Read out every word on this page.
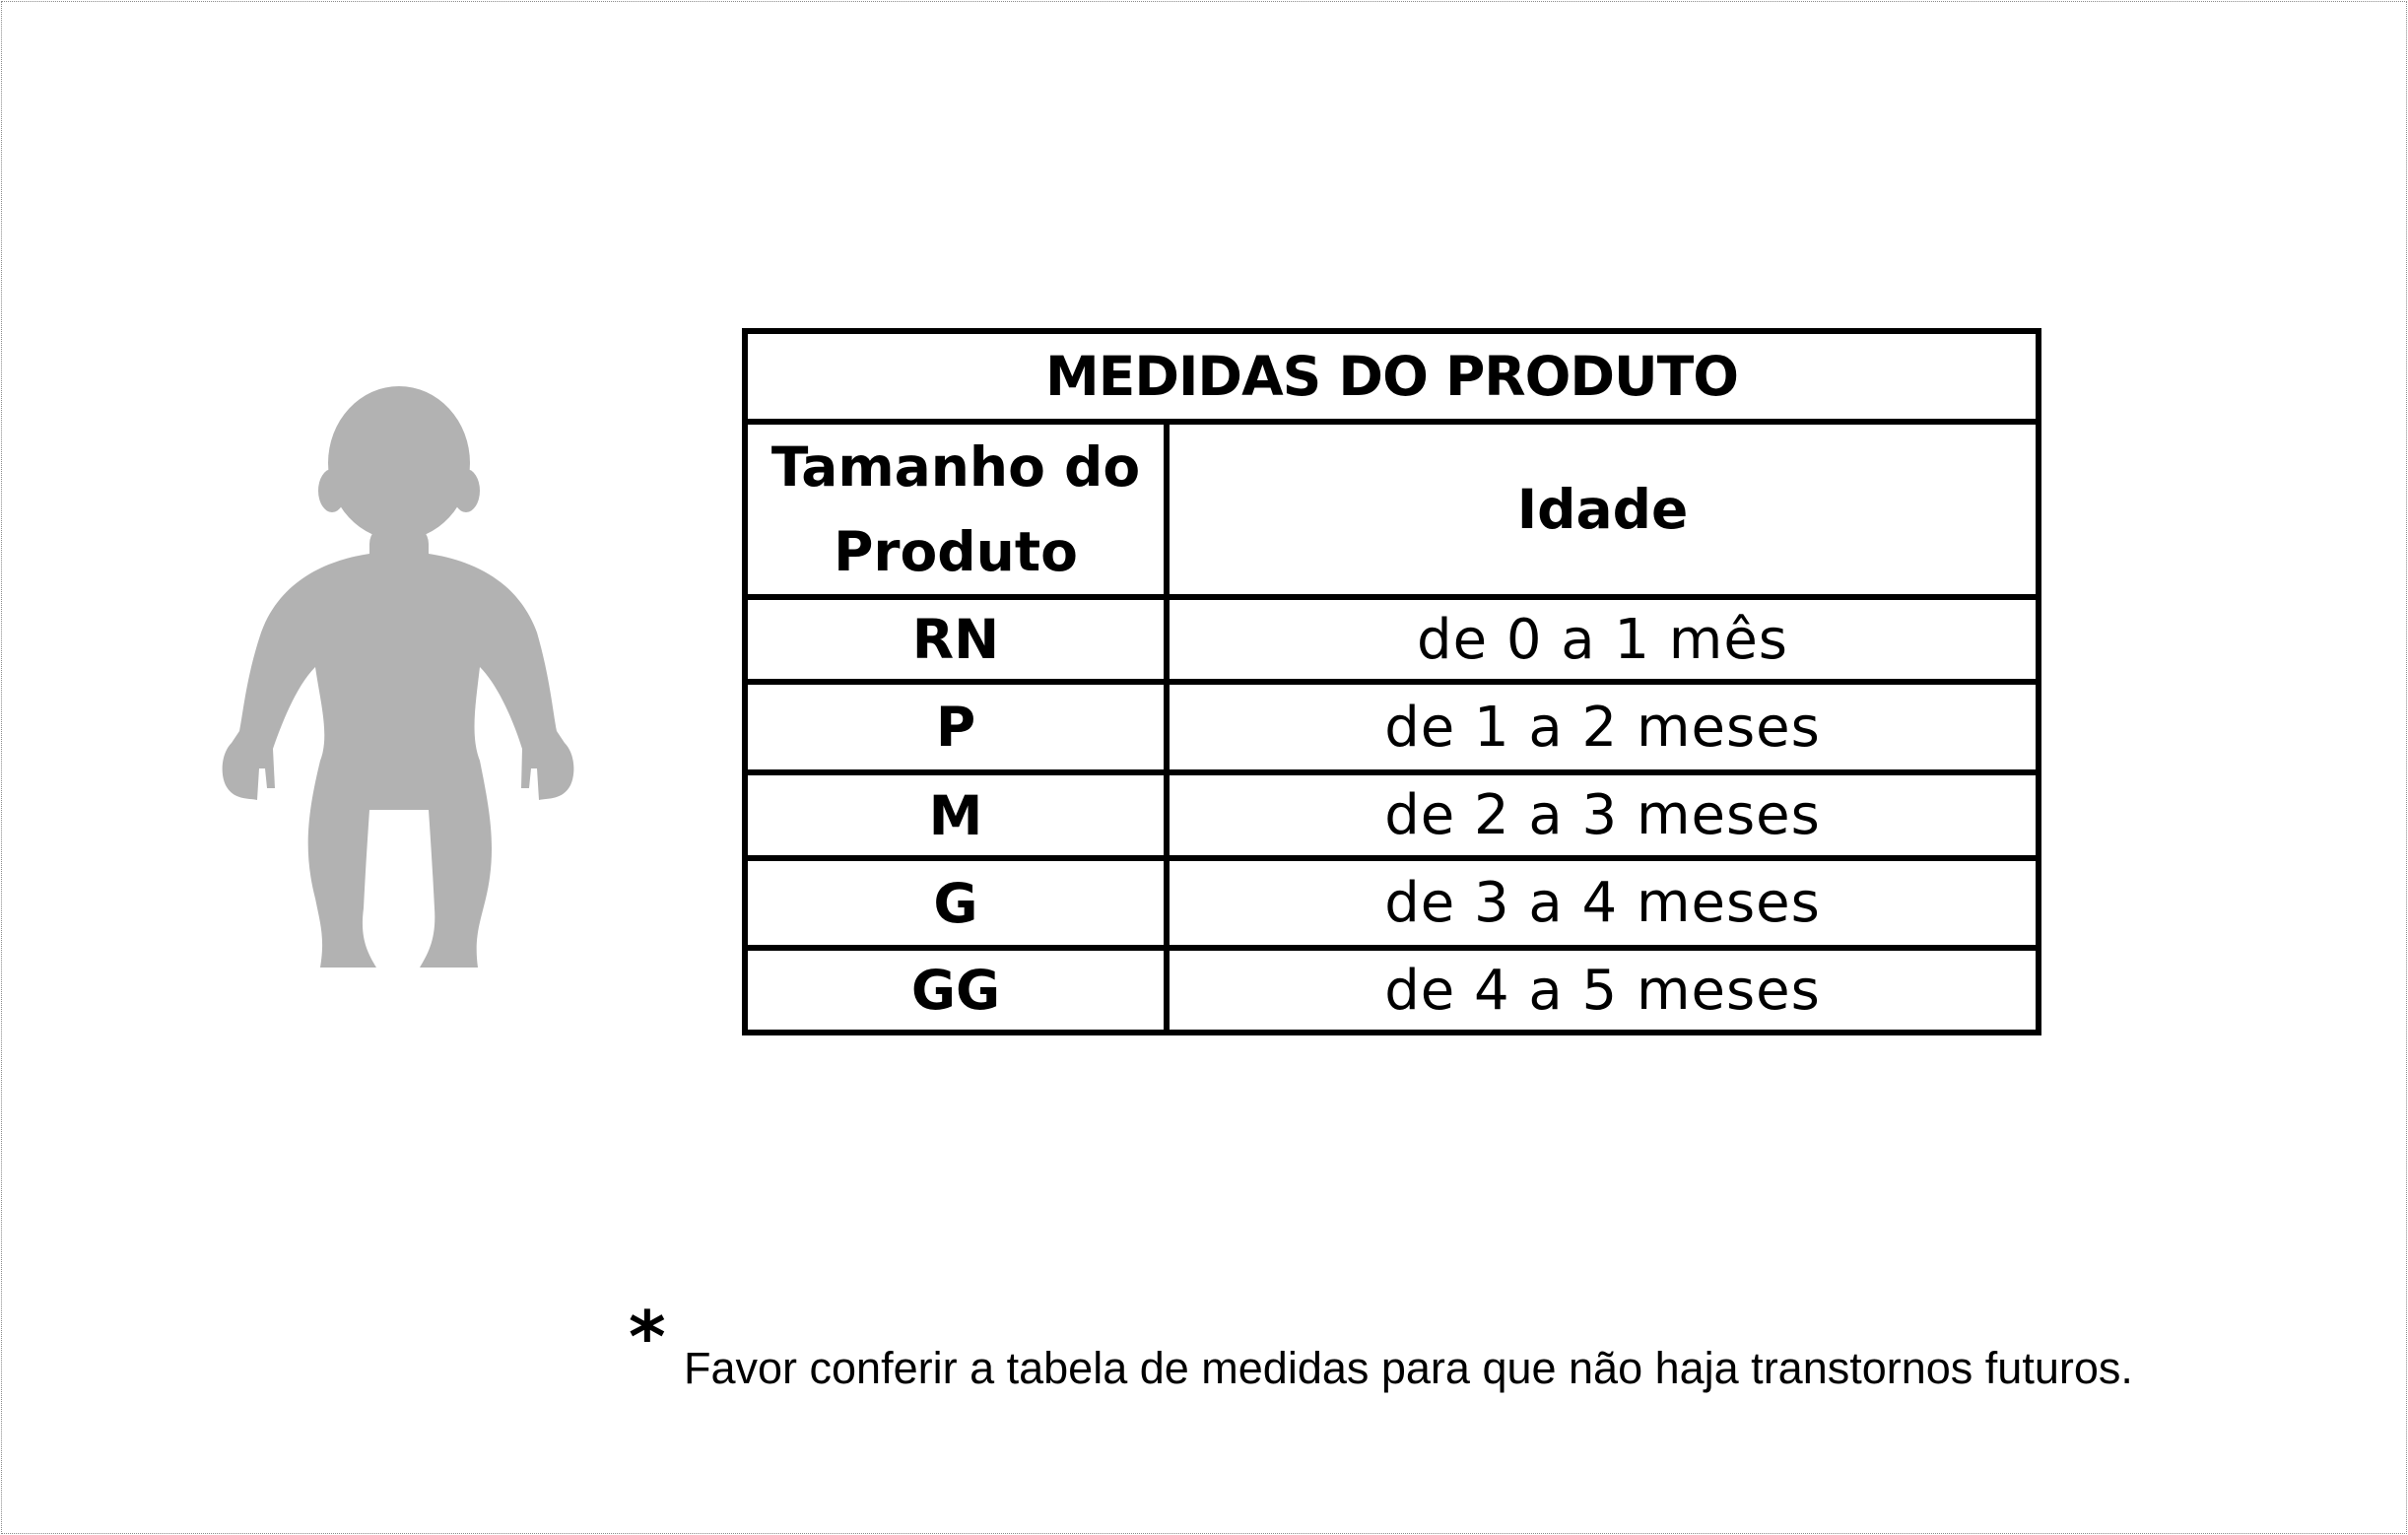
MEDIDAS DO PRODUTO	
Tamanho do
Produto	Idade
RN	de 0 a 1 mês
P	de 1 a 2 meses
M	de 2 a 3 meses
G	de 3 a 4 meses
GG	de 4 a 5 meses
* Favor conferir a tabela de medidas para que não haja transtornos futuros.
